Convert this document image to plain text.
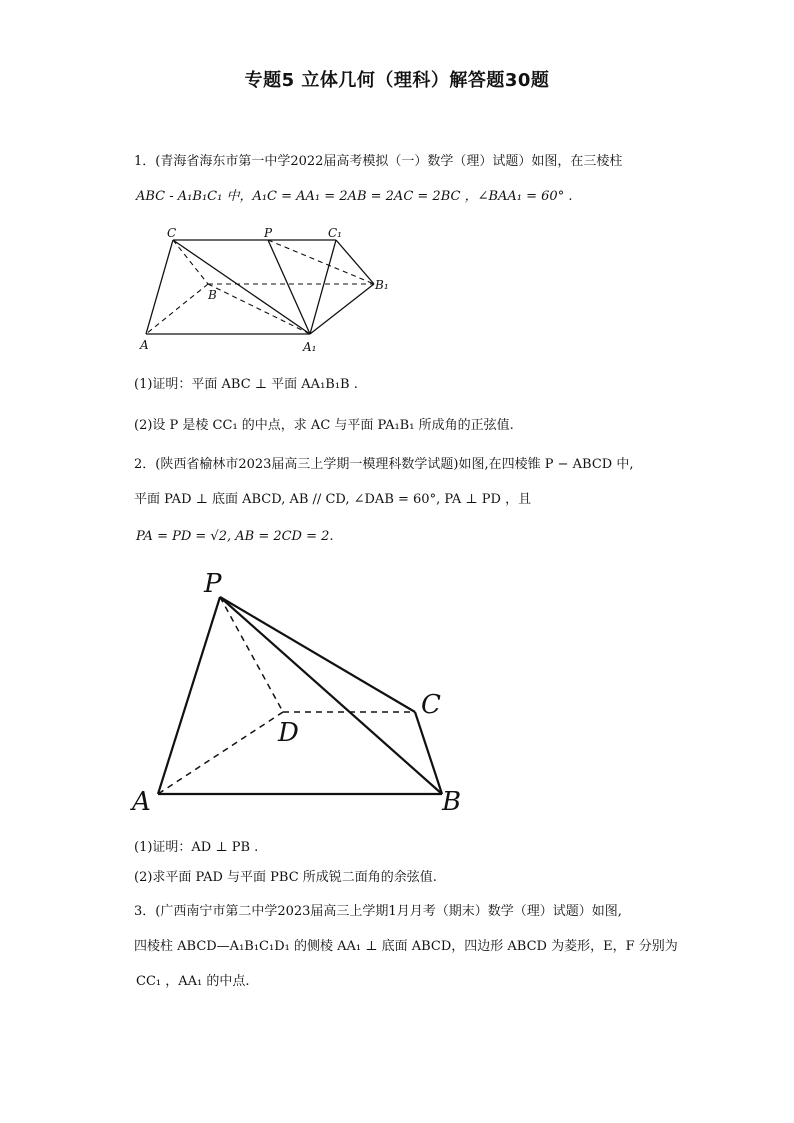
专题5 立体几何（理科）解答题30题
1．(青海省海东市第一中学2022届高考模拟（一）数学（理）试题）如图，在三棱柱
ABC - A₁B₁C₁ 中，A₁C = AA₁ = 2AB = 2AC = 2BC ，∠BAA₁ = 60° .
C	P	C₁
B
B₁
A	A₁
(1)证明：平面 ABC ⊥ 平面 AA₁B₁B .
(2)设 P 是棱 CC₁ 的中点，求 AC 与平面 PA₁B₁ 所成角的正弦值.
2．(陕西省榆林市2023届高三上学期一模理科数学试题)如图,在四棱锥 P − ABCD 中,
平面 PAD ⊥ 底面 ABCD, AB // CD, ∠DAB = 60°, PA ⊥ PD ，且
PA = PD = √2, AB = 2CD = 2.
P
C
D
A	B
(1)证明：AD ⊥ PB .
(2)求平面 PAD 与平面 PBC 所成锐二面角的余弦值.
3．(广西南宁市第二中学2023届高三上学期1月月考（期末）数学（理）试题）如图,
四棱柱 ABCD—A₁B₁C₁D₁ 的侧棱 AA₁ ⊥ 底面 ABCD，四边形 ABCD 为菱形，E，F 分别为
CC₁ ，AA₁ 的中点.
